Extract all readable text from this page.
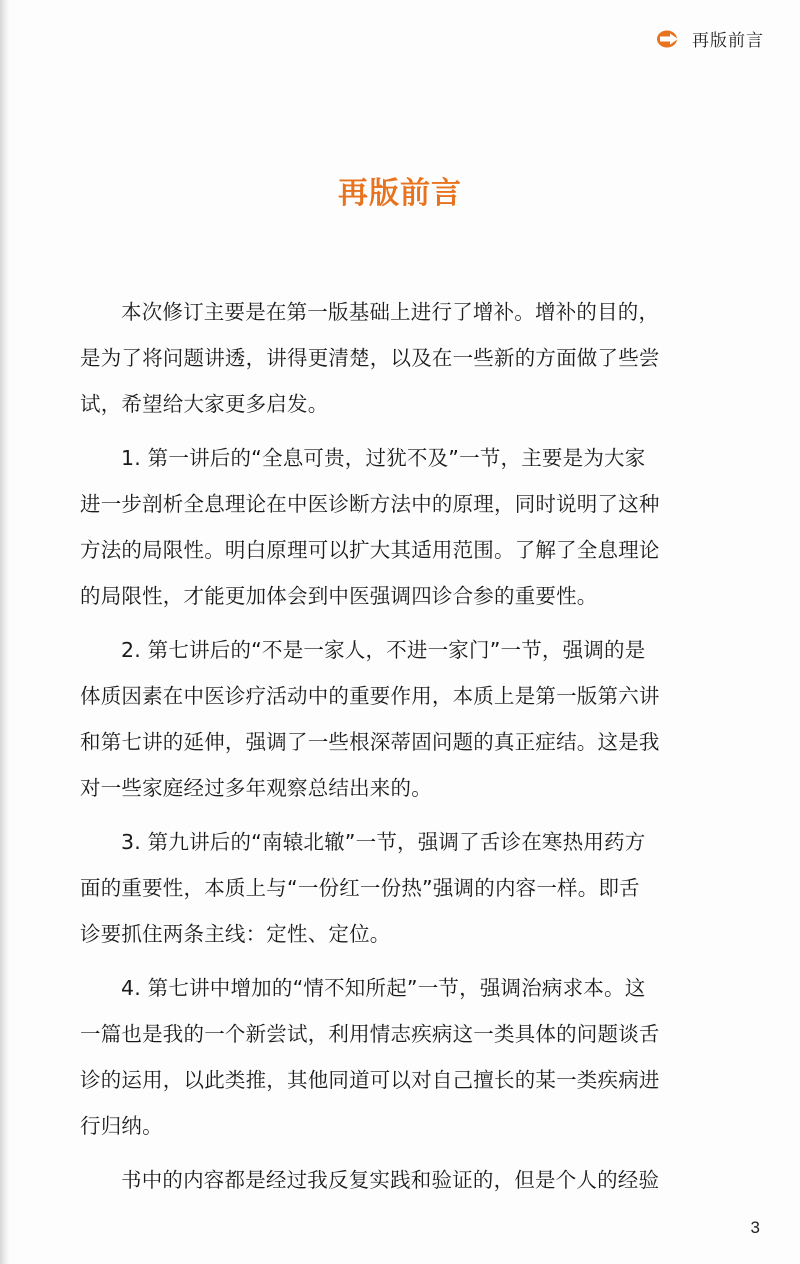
再版前言
再版前言
本次修订主要是在第一版基础上进行了增补。增补的目的，
是为了将问题讲透，讲得更清楚，以及在一些新的方面做了些尝
试，希望给大家更多启发。
1. 第一讲后的“全息可贵，过犹不及”一节，主要是为大家
进一步剖析全息理论在中医诊断方法中的原理，同时说明了这种
方法的局限性。明白原理可以扩大其适用范围。了解了全息理论
的局限性，才能更加体会到中医强调四诊合参的重要性。
2. 第七讲后的“不是一家人，不进一家门”一节，强调的是
体质因素在中医诊疗活动中的重要作用，本质上是第一版第六讲
和第七讲的延伸，强调了一些根深蒂固问题的真正症结。这是我
对一些家庭经过多年观察总结出来的。
3. 第九讲后的“南辕北辙”一节，强调了舌诊在寒热用药方
面的重要性，本质上与“一份红一份热”强调的内容一样。即舌
诊要抓住两条主线：定性、定位。
4. 第七讲中增加的“情不知所起”一节，强调治病求本。这
一篇也是我的一个新尝试，利用情志疾病这一类具体的问题谈舌
诊的运用，以此类推，其他同道可以对自己擅长的某一类疾病进
行归纳。
书中的内容都是经过我反复实践和验证的，但是个人的经验
3
